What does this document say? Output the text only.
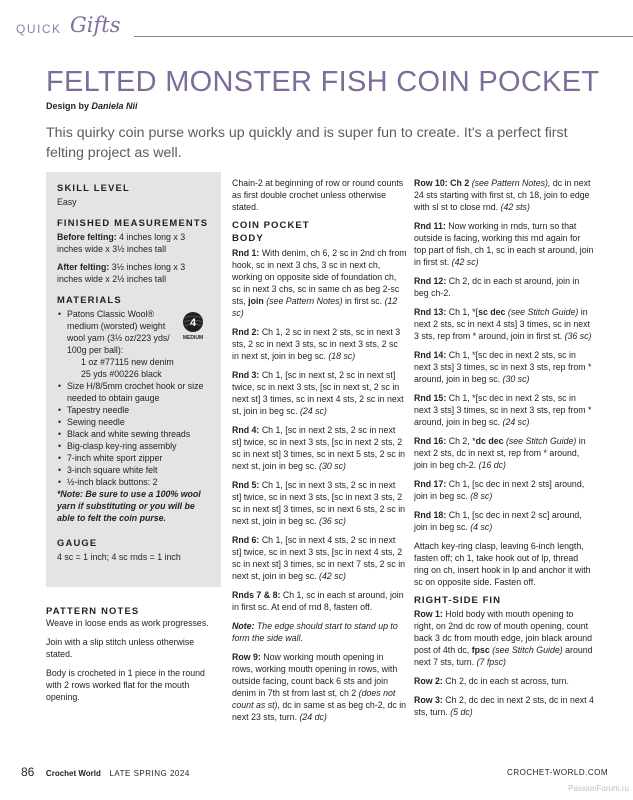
QUICK Gifts
FELTED MONSTER FISH COIN POCKET
Design by Daniela Nii
This quirky coin purse works up quickly and is super fun to create. It's a perfect first felting project as well.
SKILL LEVEL

Easy

FINISHED MEASUREMENTS

Before felting: 4 inches long x 3 inches wide x 3½ inches tall

After felting: 3½ inches long x 3 inches wide x 2½ inches tall

MATERIALS
• Patons Classic Wool® medium (worsted) weight wool yarn (3½ oz/223 yds/ 100g per ball):

1 oz #77115 new denim
25 yds #00226 black
• Size H/8/5mm crochet hook or size needed to obtain gauge
• Tapestry needle
• Sewing needle
• Black and white sewing threads
• Big-clasp key-ring assembly
• 7-inch white sport zipper
• 3-inch square white felt
• ½-inch black buttons: 2

*Note: Be sure to use a 100% wool yarn if substituting or you will be able to felt the coin purse.

GAUGE

4 sc = 1 inch; 4 sc rnds = 1 inch

4
MEDIUM
PATTERN NOTES

Weave in loose ends as work progresses.

Join with a slip stitch unless otherwise stated.

Body is crocheted in 1 piece in the round with 2 rows worked flat for the mouth opening.

Chain-2 at beginning of row or round counts as first double crochet unless otherwise stated.

COIN POCKET
BODY

Rnd 1: With denim, ch 6, 2 sc in 2nd ch from hook, sc in next 3 chs, 3 sc in next ch, working on opposite side of foundation ch, sc in next 3 chs, sc in same ch as beg 2-sc sts, join (see Pattern Notes) in first sc. (12 sc)

Rnd 2: Ch 1, 2 sc in next 2 sts, sc in next 3 sts, 2 sc in next 3 sts, sc in next 3 sts, 2 sc in next st, join in beg sc. (18 sc)

Rnd 3: Ch 1, [sc in next st, 2 sc in next st] twice, sc in next 3 sts, [sc in next st, 2 sc in next st] 3 times, sc in next 4 sts, 2 sc in next st, join in beg sc. (24 sc)

Rnd 4: Ch 1, [sc in next 2 sts, 2 sc in next st] twice, sc in next 3 sts, [sc in next 2 sts, 2 sc in next st] 3 times, sc in next 5 sts, 2 sc in next st, join in beg sc. (30 sc)

Rnd 5: Ch 1, [sc in next 3 sts, 2 sc in next st] twice, sc in next 3 sts, [sc in next 3 sts, 2 sc in next st] 3 times, sc in next 6 sts, 2 sc in next st, join in beg sc. (36 sc)

Rnd 6: Ch 1, [sc in next 4 sts, 2 sc in next st] twice, sc in next 3 sts, [sc in next 4 sts, 2 sc in next st] 3 times, sc in next 7 sts, 2 sc in next st, join in beg sc. (42 sc)

Rnds 7 & 8: Ch 1, sc in each st around, join in first sc. At end of rnd 8, fasten off.

Note: The edge should start to stand up to form the side wall.

Row 9: Now working mouth opening in rows, working mouth opening in rows, with outside facing, count back 6 sts and join denim in 7th st from last st, ch 2 (does not count as st), dc in same st as beg ch-2, dc in next 23 sts, turn. (24 dc)

Row 10: Ch 2 (see Pattern Notes), dc in next 24 sts starting with first st, ch 18, join to edge with sl st to close rnd. (42 sts)

Rnd 11: Now working in rnds, turn so that outside is facing, working this rnd again for top part of fish, ch 1, sc in each st around, join in first st. (42 sc)

Rnd 12: Ch 2, dc in each st around, join in beg ch-2.

Rnd 13: Ch 1, *[sc dec (see Stitch Guide) in next 2 sts, sc in next 4 sts] 3 times, sc in next 3 sts, rep from * around, join in first st. (36 sc)

Rnd 14: Ch 1, *[sc dec in next 2 sts, sc in next 3 sts] 3 times, sc in next 3 sts, rep from * around, join in beg sc. (30 sc)

Rnd 15: Ch 1, *[sc dec in next 2 sts, sc in next 3 sts] 3 times, sc in next 3 sts, rep from * around, join in beg sc. (24 sc)

Rnd 16: Ch 2, *dc dec (see Stitch Guide) in next 2 sts, dc in next st, rep from * around, join in beg ch-2. (16 dc)

Rnd 17: Ch 1, [sc dec in next 2 sts] around, join in beg sc. (8 sc)

Rnd 18: Ch 1, [sc dec in next 2 sc] around, join in beg sc. (4 sc)

Attach key-ring clasp, leaving 6-inch length, fasten off; ch 1, take hook out of lp, thread ring on ch, insert hook in lp and anchor it with sc on opposite side. Fasten off.

RIGHT-SIDE FIN

Row 1: Hold body with mouth opening to right, on 2nd dc row of mouth opening, count back 3 dc from mouth edge, join black around post of 4th dc, fpsc (see Stitch Guide) around next 7 sts, turn. (7 fpsc)

Row 2: Ch 2, dc in each st across, turn.

Row 3: Ch 2, dc dec in next 2 sts, dc in next 4 sts, turn. (5 dc)

86 Crochet World LATE SPRING 2024	CROCHET-WORLD.COM
PassionForum.ru
